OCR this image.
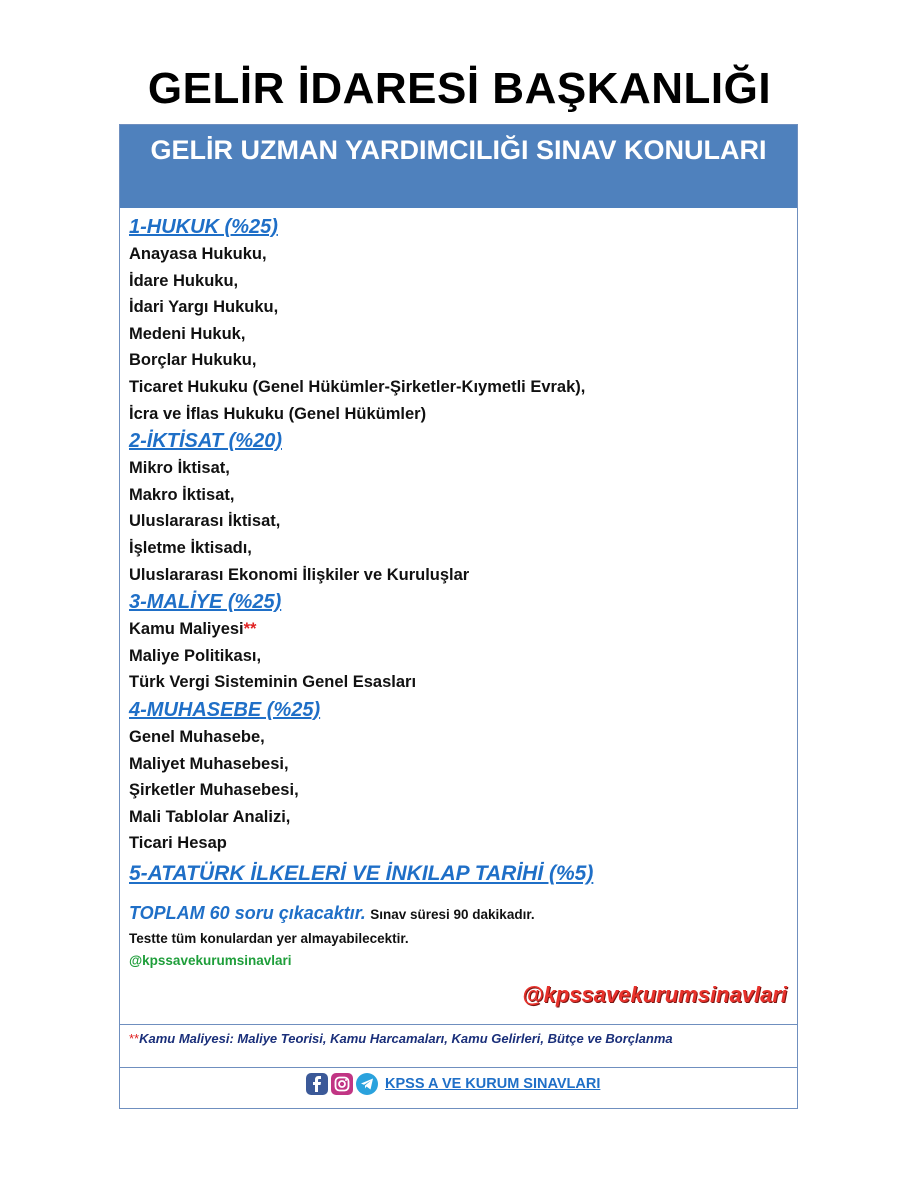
GELİR İDARESİ BAŞKANLIĞI
GELİR UZMAN YARDIMCILIĞI SINAV KONULARI
1-HUKUK (%25)
Anayasa Hukuku,
İdare Hukuku,
İdari Yargı Hukuku,
Medeni Hukuk,
Borçlar Hukuku,
Ticaret Hukuku (Genel Hükümler-Şirketler-Kıymetli Evrak),
İcra ve İflas Hukuku (Genel Hükümler)
2-İKTİSAT (%20)
Mikro İktisat,
Makro İktisat,
Uluslararası İktisat,
İşletme İktisadı,
Uluslararası Ekonomi İlişkiler ve Kuruluşlar
3-MALİYE (%25)
Kamu Maliyesi**
Maliye Politikası,
Türk Vergi Sisteminin Genel Esasları
4-MUHASEBE (%25)
Genel Muhasebe,
Maliyet Muhasebesi,
Şirketler Muhasebesi,
Mali Tablolar Analizi,
Ticari Hesap
5-ATATÜRK İLKELERİ VE İNKILAP TARİHİ (%5)
TOPLAM 60 soru çıkacaktır. Sınav süresi 90 dakikadır.
Testte tüm konulardan yer almayabilecektir.
@kpssavekurumsinavlari
@kpssavekurumsinavlari
**Kamu Maliyesi: Maliye Teorisi, Kamu Harcamaları, Kamu Gelirleri, Bütçe ve Borçlanma
KPSS A VE KURUM SINAVLARI
